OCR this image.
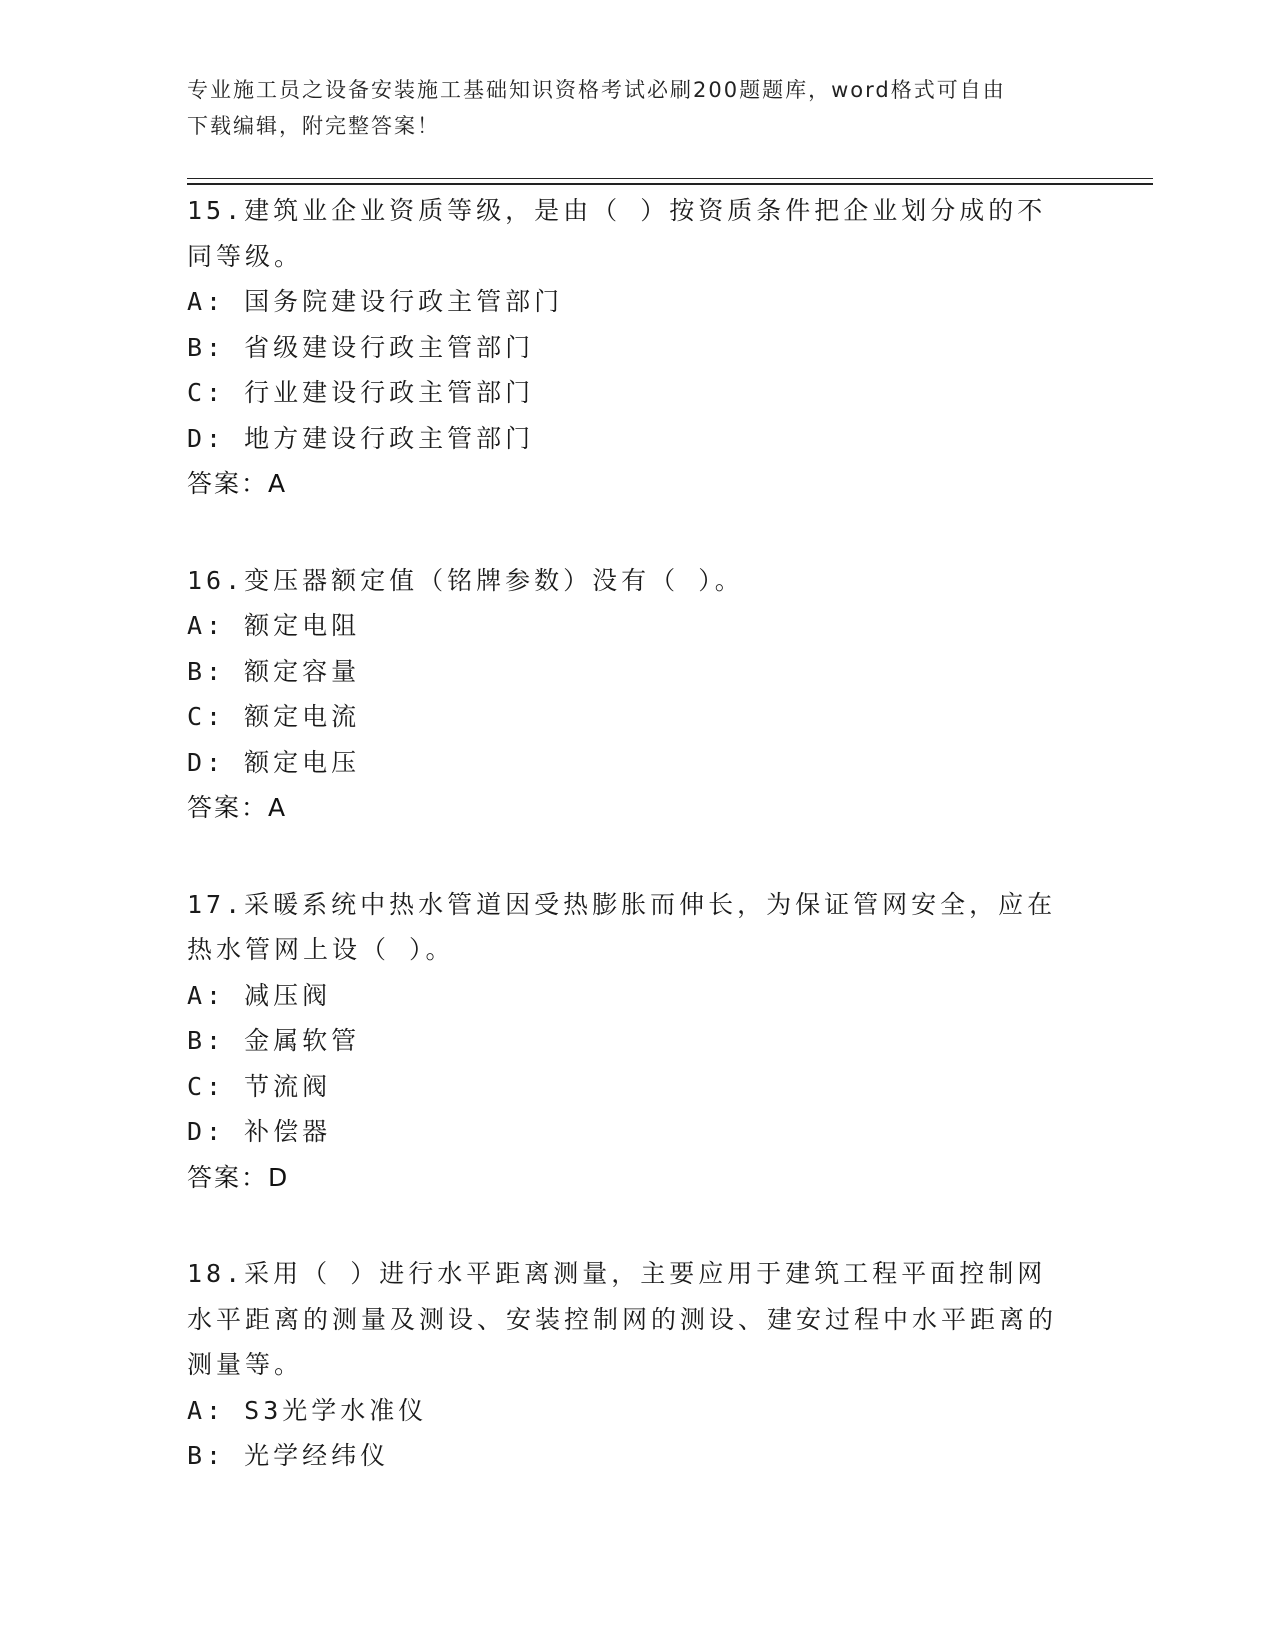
专业施工员之设备安装施工基础知识资格考试必刷200题题库，word格式可自由
下载编辑，附完整答案！
15.建筑业企业资质等级，是由（ ）按资质条件把企业划分成的不同等级。
A: 国务院建设行政主管部门
B: 省级建设行政主管部门
C: 行业建设行政主管部门
D: 地方建设行政主管部门
答案：A
16.变压器额定值（铭牌参数）没有（ ）。
A: 额定电阻
B: 额定容量
C: 额定电流
D: 额定电压
答案：A
17.采暖系统中热水管道因受热膨胀而伸长，为保证管网安全，应在热水管网上设（ ）。
A: 减压阀
B: 金属软管
C: 节流阀
D: 补偿器
答案：D
18.采用（ ）进行水平距离测量，主要应用于建筑工程平面控制网水平距离的测量及测设、安装控制网的测设、建安过程中水平距离的测量等。
A: S3光学水准仪
B: 光学经纬仪
